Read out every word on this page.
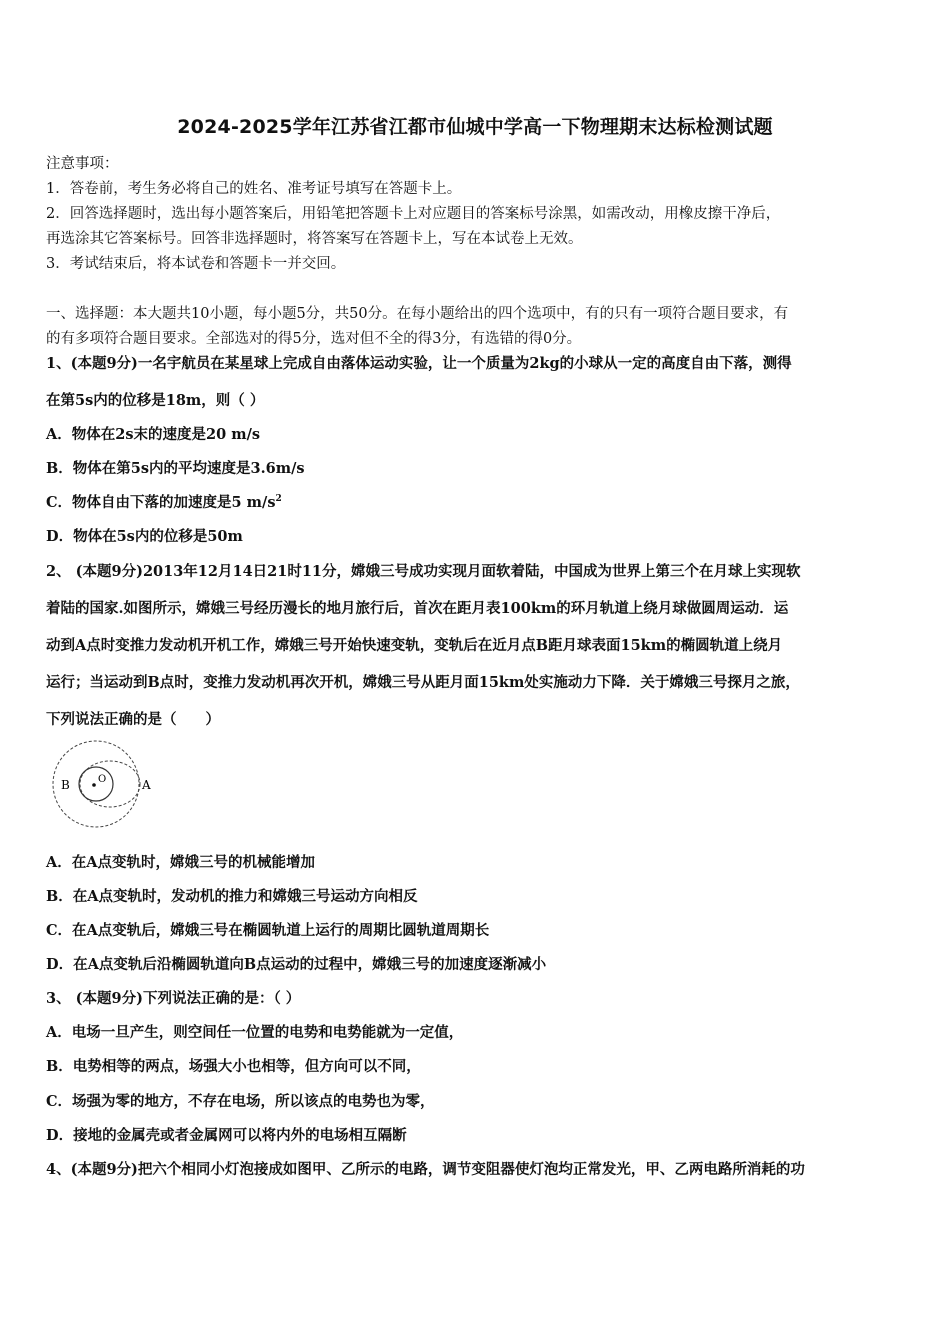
2024-2025学年江苏省江都市仙城中学高一下物理期末达标检测试题
注意事项：
1．答卷前，考生务必将自己的姓名、准考证号填写在答题卡上。
2．回答选择题时，选出每小题答案后，用铅笔把答题卡上对应题目的答案标号涂黑，如需改动，用橡皮擦干净后，
再选涂其它答案标号。回答非选择题时，将答案写在答题卡上，写在本试卷上无效。
3．考试结束后，将本试卷和答题卡一并交回。
一、选择题：本大题共10小题，每小题5分，共50分。在每小题给出的四个选项中，有的只有一项符合题目要求，有
的有多项符合题目要求。全部选对的得5分，选对但不全的得3分，有选错的得0分。
1、(本题9分)一名宇航员在某星球上完成自由落体运动实验，让一个质量为2kg的小球从一定的高度自由下落，测得
在第5s内的位移是18m，则（ ）
A．物体在2s末的速度是20 m/s
B．物体在第5s内的平均速度是3.6m/s
C．物体自由下落的加速度是5 $m/s^2$
D．物体在5s内的位移是50m
2、 (本题9分)2013年12月14日21时11分，嫦娥三号成功实现月面软着陆，中国成为世界上第三个在月球上实现软
着陆的国家.如图所示，嫦娥三号经历漫长的地月旅行后，首次在距月表100km的环月轨道上绕月球做圆周运动．运
动到A点时变推力发动机开机工作，嫦娥三号开始快速变轨，变轨后在近月点B距月球表面15km的椭圆轨道上绕月
运行；当运动到B点时，变推力发动机再次开机，嫦娥三号从距月面15km处实施动力下降．关于嫦娥三号探月之旅，
下列说法正确的是（　　）
O
B	A
A．在A点变轨时，嫦娥三号的机械能增加
B．在A点变轨时，发动机的推力和嫦娥三号运动方向相反
C．在A点变轨后，嫦娥三号在椭圆轨道上运行的周期比圆轨道周期长
D．在A点变轨后沿椭圆轨道向B点运动的过程中，嫦娥三号的加速度逐渐减小
3、 (本题9分)下列说法正确的是：（ ）
A．电场一旦产生，则空间任一位置的电势和电势能就为一定值，
B．电势相等的两点，场强大小也相等，但方向可以不同，
C．场强为零的地方，不存在电场，所以该点的电势也为零，
D．接地的金属壳或者金属网可以将内外的电场相互隔断
4、(本题9分)把六个相同小灯泡接成如图甲、乙所示的电路，调节变阻器使灯泡均正常发光，甲、乙两电路所消耗的功
